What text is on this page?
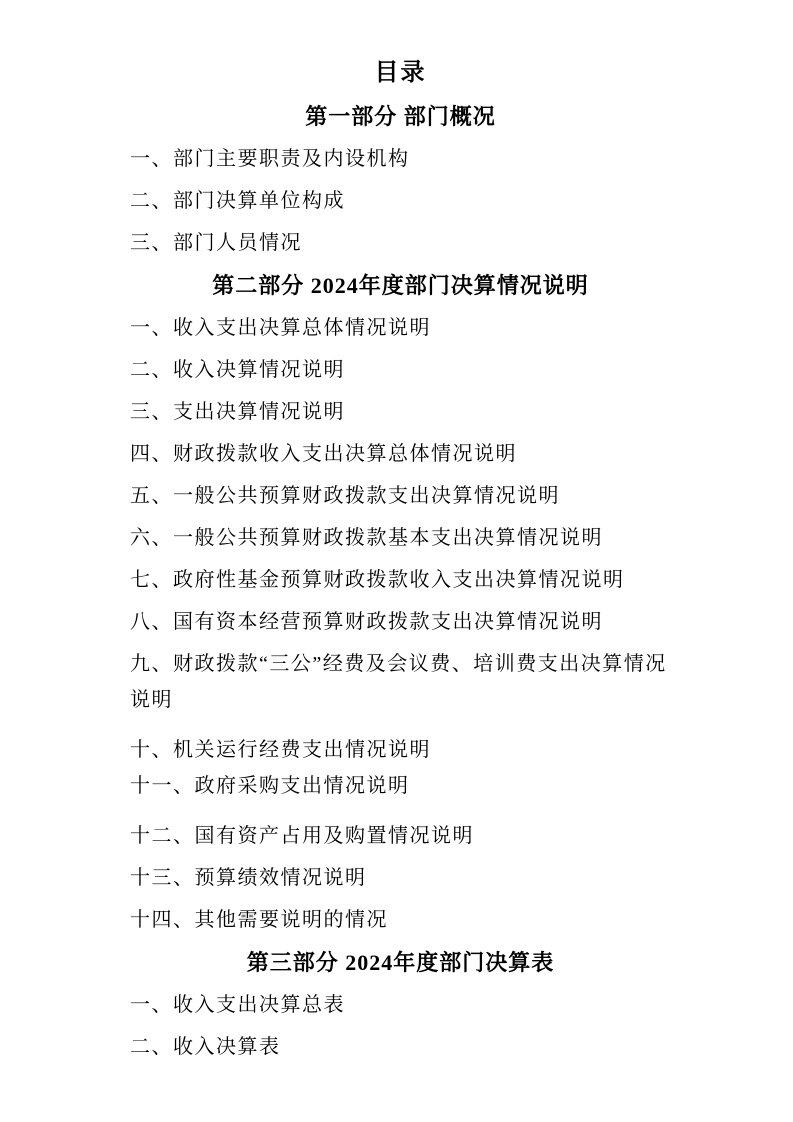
目录
第一部分 部门概况

一、部门主要职责及内设机构

二、部门决算单位构成

三、部门人员情况

第二部分 2024年度部门决算情况说明

一、收入支出决算总体情况说明

二、收入决算情况说明

三、支出决算情况说明

四、财政拨款收入支出决算总体情况说明

五、一般公共预算财政拨款支出决算情况说明

六、一般公共预算财政拨款基本支出决算情况说明

七、政府性基金预算财政拨款收入支出决算情况说明

八、国有资本经营预算财政拨款支出决算情况说明

九、财政拨款“三公”经费及会议费、培训费支出决算情况说明

十、机关运行经费支出情况说明

十一、政府采购支出情况说明

十二、国有资产占用及购置情况说明

十三、预算绩效情况说明

十四、其他需要说明的情况

第三部分 2024年度部门决算表

一、收入支出决算总表

二、收入决算表
